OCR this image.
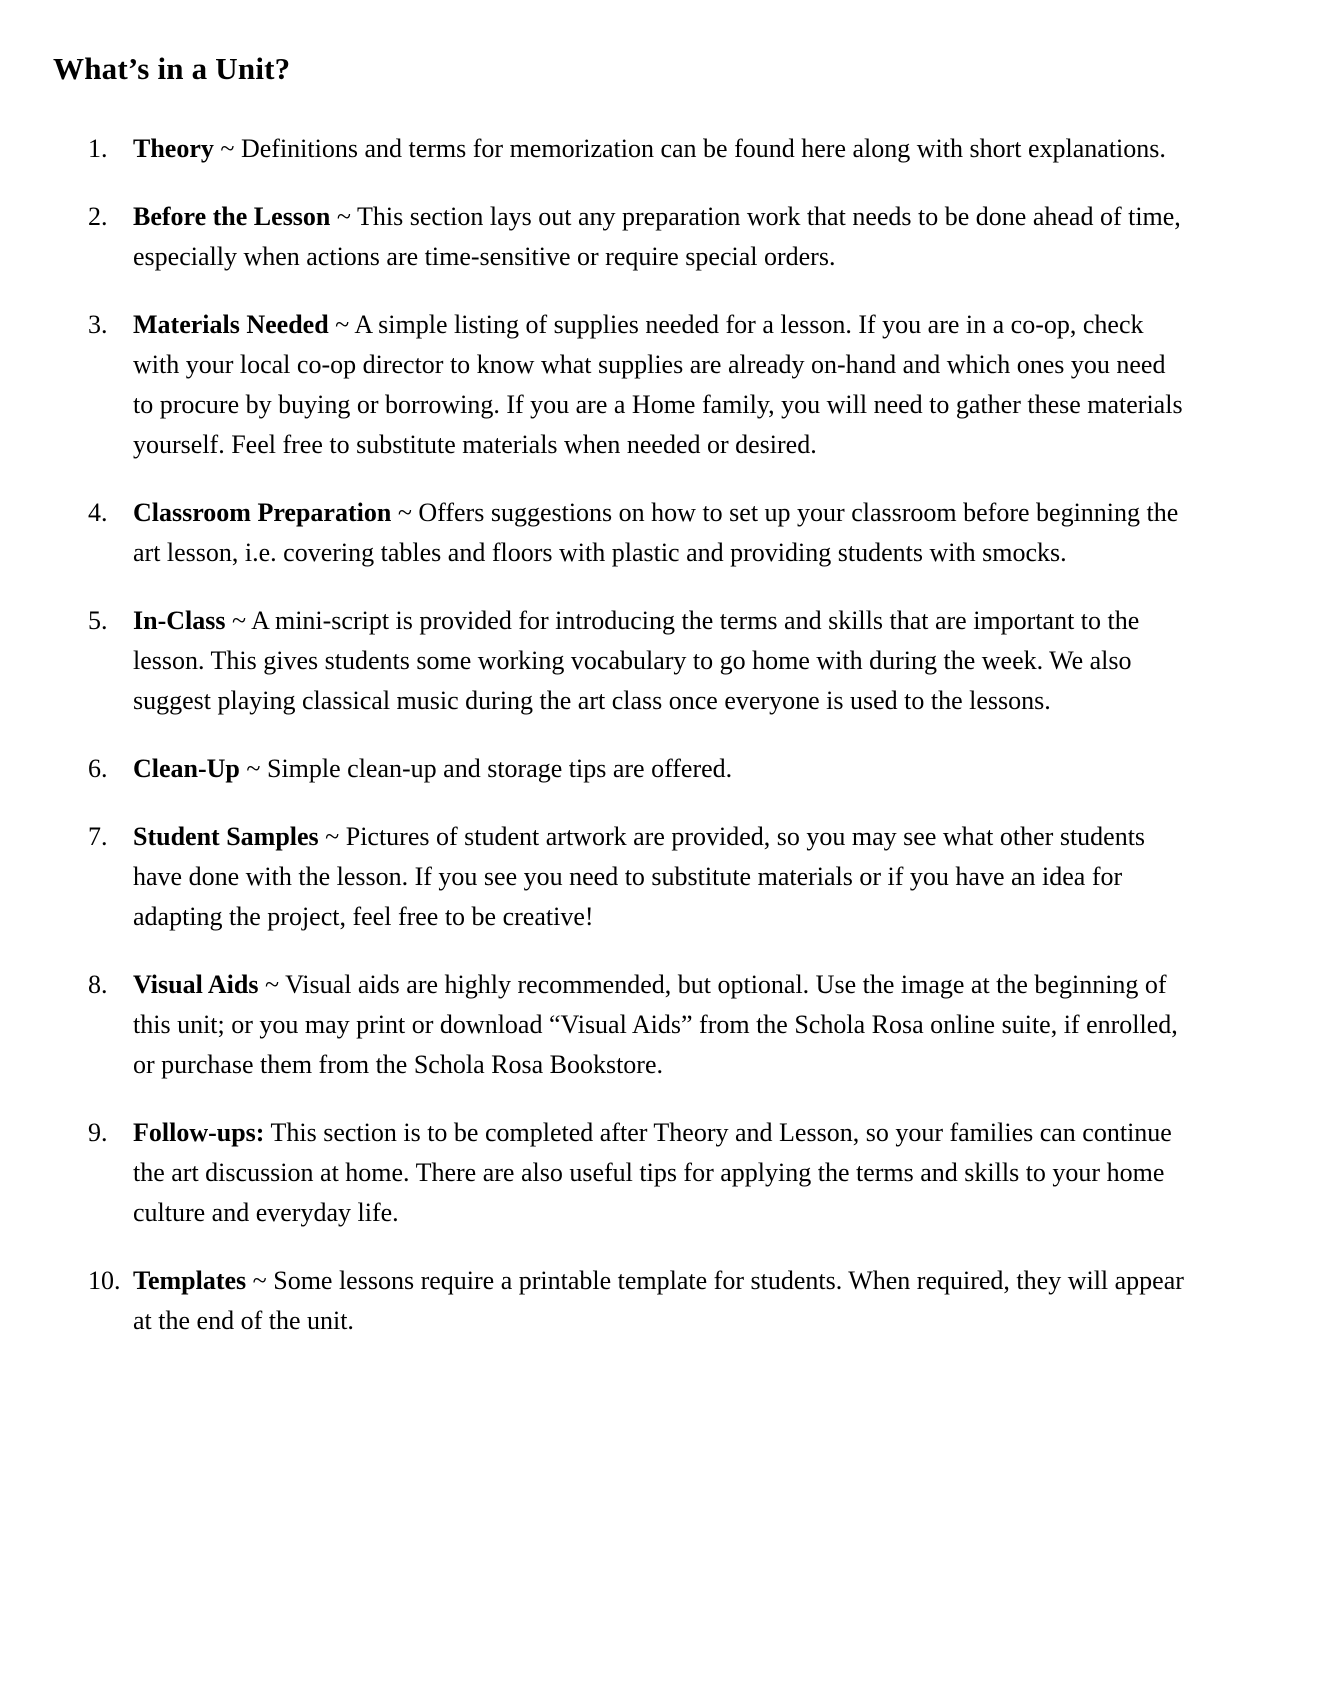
What’s in a Unit?
1. Theory ~ Definitions and terms for memorization can be found here along with short explanations.

2. Before the Lesson ~ This section lays out any preparation work that needs to be done ahead of time, especially when actions are time-sensitive or require special orders.

3. Materials Needed ~ A simple listing of supplies needed for a lesson. If you are in a co-op, check with your local co-op director to know what supplies are already on-hand and which ones you need to procure by buying or borrowing. If you are a Home family, you will need to gather these materials yourself. Feel free to substitute materials when needed or desired.

4. Classroom Preparation ~ Offers suggestions on how to set up your classroom before beginning the art lesson, i.e. covering tables and floors with plastic and providing students with smocks.

5. In-Class ~ A mini-script is provided for introducing the terms and skills that are important to the lesson. This gives students some working vocabulary to go home with during the week. We also suggest playing classical music during the art class once everyone is used to the lessons.

6. Clean-Up ~ Simple clean-up and storage tips are offered.

7. Student Samples ~ Pictures of student artwork are provided, so you may see what other students have done with the lesson. If you see you need to substitute materials or if you have an idea for adapting the project, feel free to be creative!

8. Visual Aids ~ Visual aids are highly recommended, but optional. Use the image at the beginning of this unit; or you may print or download “Visual Aids” from the Schola Rosa online suite, if enrolled, or purchase them from the Schola Rosa Bookstore.

9. Follow-ups: This section is to be completed after Theory and Lesson, so your families can continue the art discussion at home. There are also useful tips for applying the terms and skills to your home culture and everyday life.

10. Templates ~ Some lessons require a printable template for students. When required, they will appear at the end of the unit.
